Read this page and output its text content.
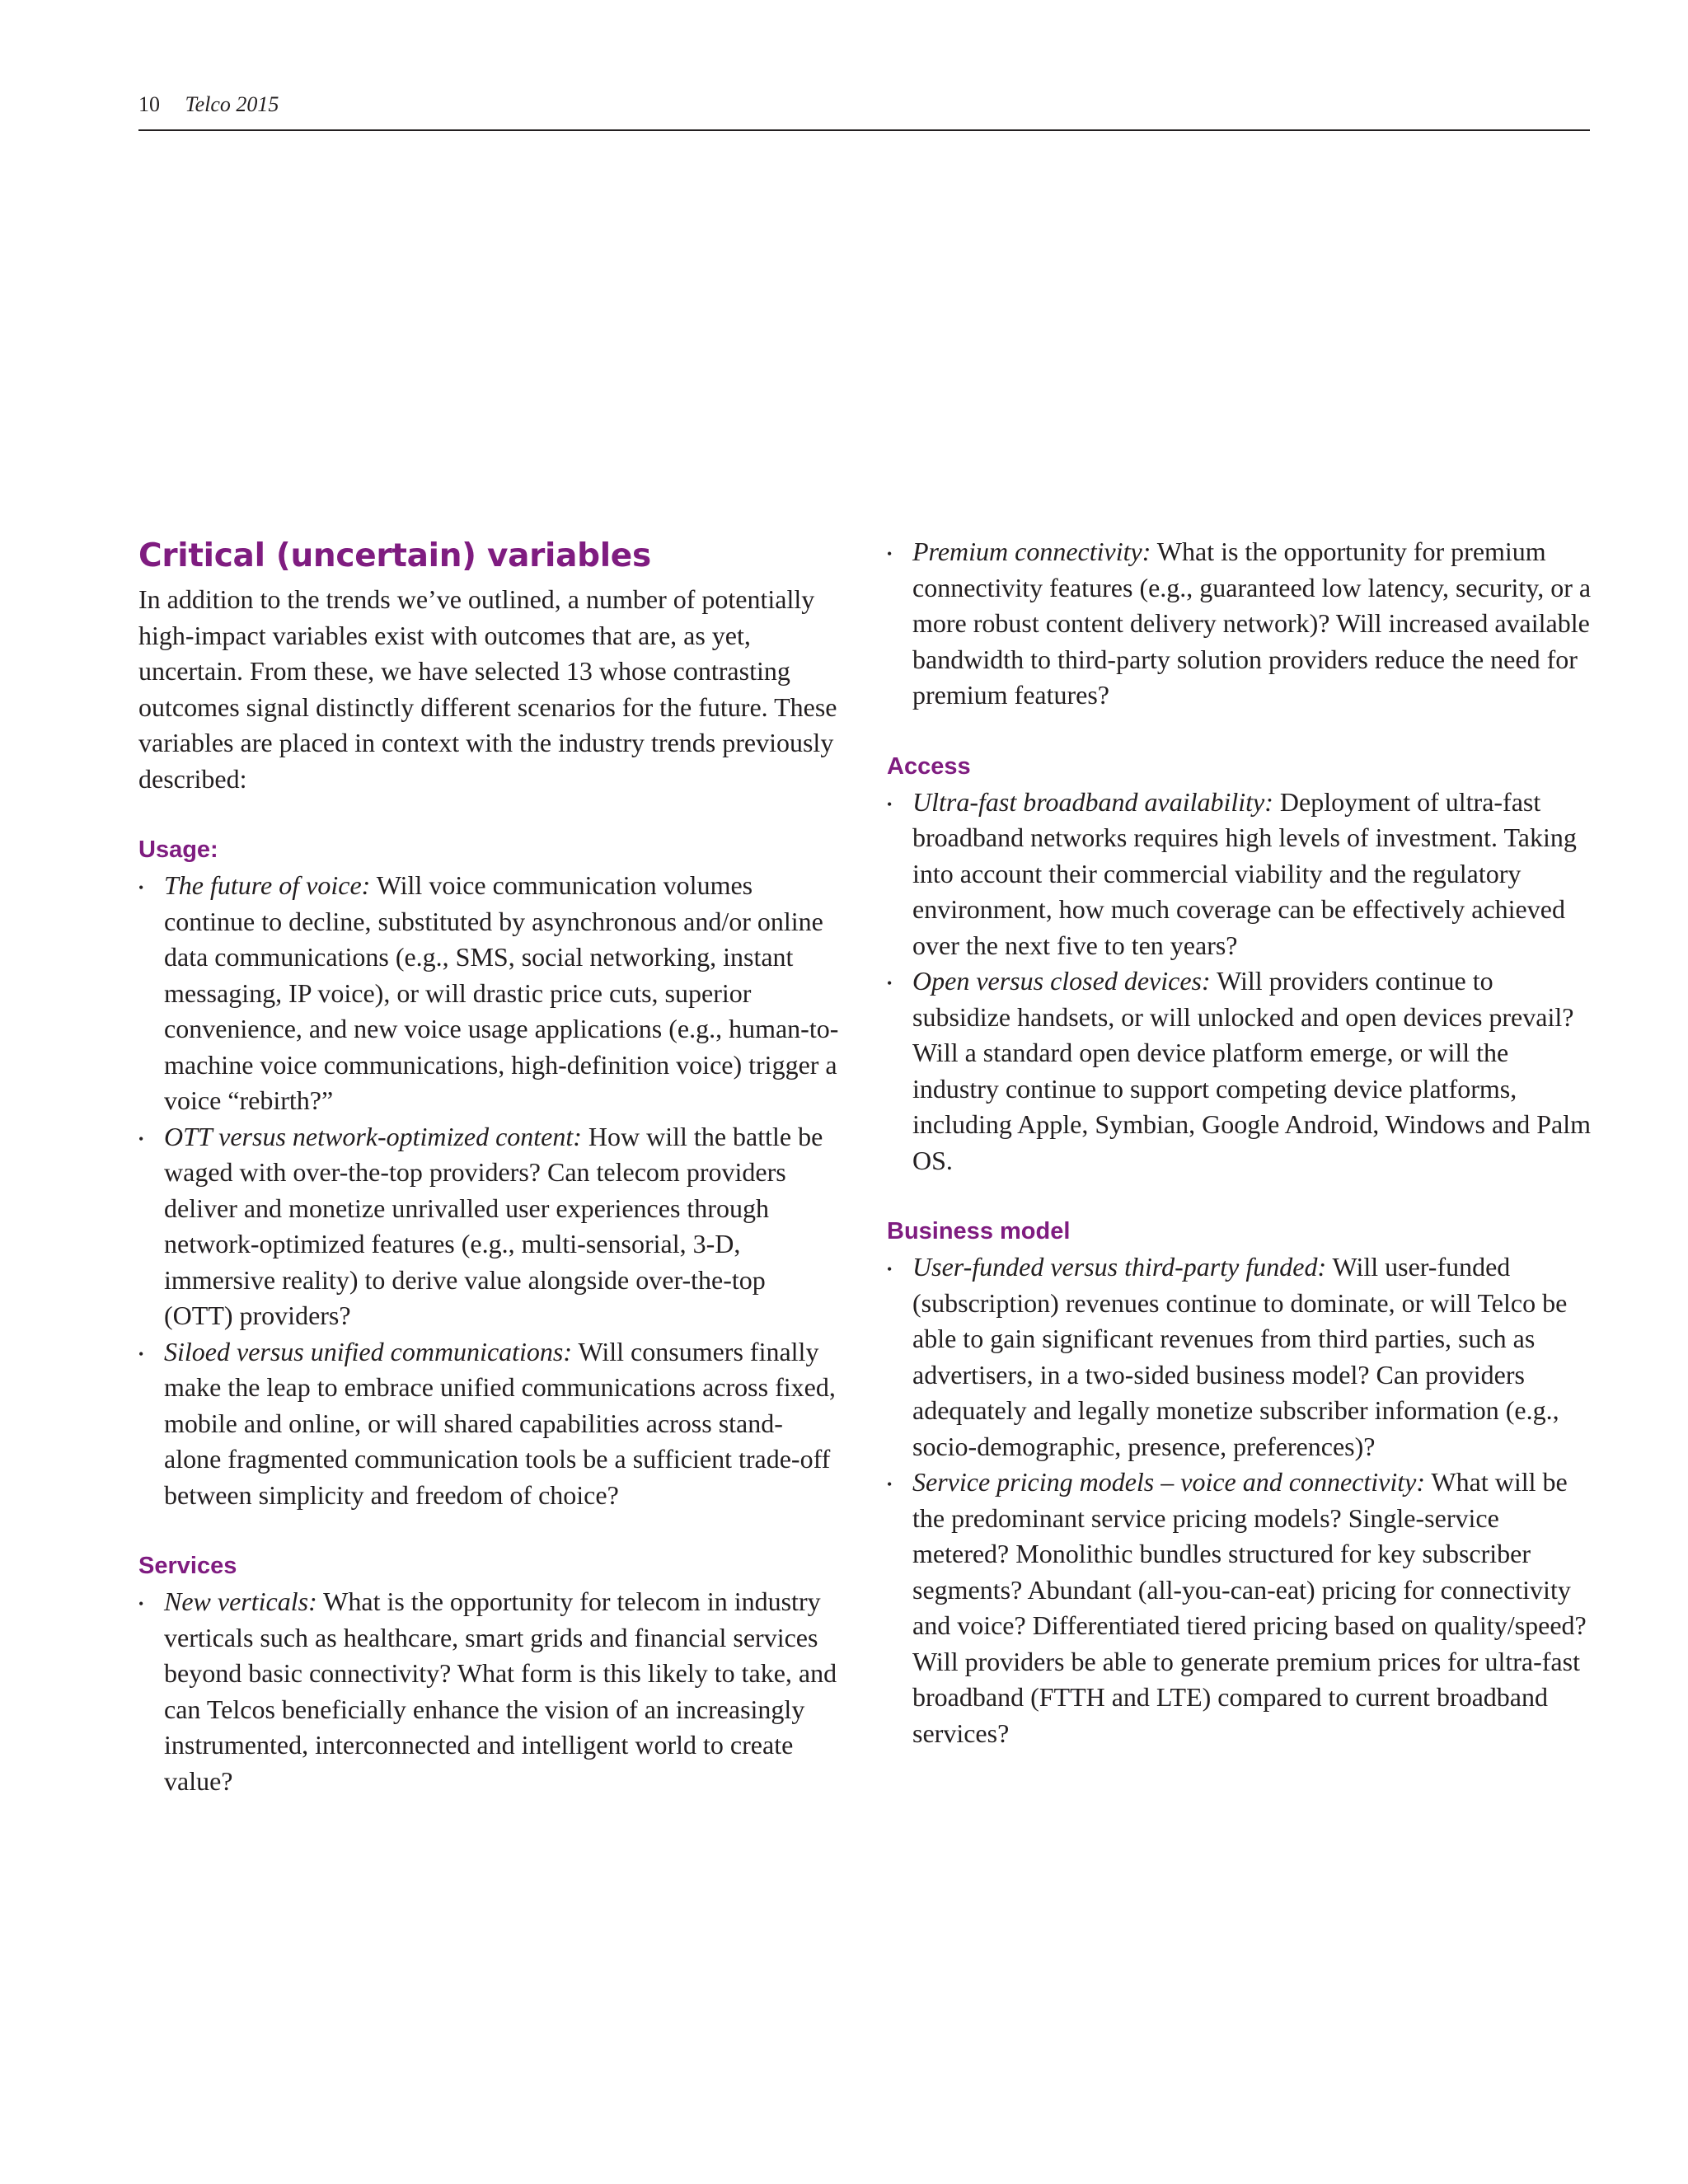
10 Telco 2015
Critical (uncertain) variables

In addition to the trends we’ve outlined, a number of potentially high-impact variables exist with outcomes that are, as yet, uncertain. From these, we have selected 13 whose contrasting outcomes signal distinctly different scenarios for the future. These variables are placed in context with the industry trends previously described:

Usage:
• The future of voice: Will voice communication volumes continue to decline, substituted by asynchronous and/or online data communications (e.g., SMS, social networking, instant messaging, IP voice), or will drastic price cuts, superior convenience, and new voice usage applications (e.g., human-to-machine voice communications, high-definition voice) trigger a voice “rebirth?”
• OTT versus network-optimized content: How will the battle be waged with over-the-top providers? Can telecom providers deliver and monetize unrivalled user experiences through network-optimized features (e.g., multi-sensorial, 3-D, immersive reality) to derive value alongside over-the-top (OTT) providers?
• Siloed versus unified communications: Will consumers finally make the leap to embrace unified communications across fixed, mobile and online, or will shared capabilities across stand-alone fragmented communication tools be a sufficient trade-off between simplicity and freedom of choice?
Services
• New verticals: What is the opportunity for telecom in industry verticals such as healthcare, smart grids and financial services beyond basic connectivity? What form is this likely to take, and can Telcos beneficially enhance the vision of an increasingly instrumented, interconnected and intelligent world to create value?
• Premium connectivity: What is the opportunity for premium connectivity features (e.g., guaranteed low latency, security, or a more robust content delivery network)? Will increased available bandwidth to third-party solution providers reduce the need for premium features?
Access
• Ultra-fast broadband availability: Deployment of ultra-fast broadband networks requires high levels of investment. Taking into account their commercial viability and the regulatory environment, how much coverage can be effectively achieved over the next five to ten years?
• Open versus closed devices: Will providers continue to subsidize handsets, or will unlocked and open devices prevail? Will a standard open device platform emerge, or will the industry continue to support competing device platforms, including Apple, Symbian, Google Android, Windows and Palm OS.
Business model
• User-funded versus third-party funded: Will user-funded (subscription) revenues continue to dominate, or will Telco be able to gain significant revenues from third parties, such as advertisers, in a two-sided business model? Can providers adequately and legally monetize subscriber information (e.g., socio-demographic, presence, preferences)?
• Service pricing models – voice and connectivity: What will be the predominant service pricing models? Single-service metered? Monolithic bundles structured for key subscriber segments? Abundant (all-you-can-eat) pricing for connectivity and voice? Differentiated tiered pricing based on quality/speed? Will providers be able to generate premium prices for ultra-fast broadband (FTTH and LTE) compared to current broadband services?
